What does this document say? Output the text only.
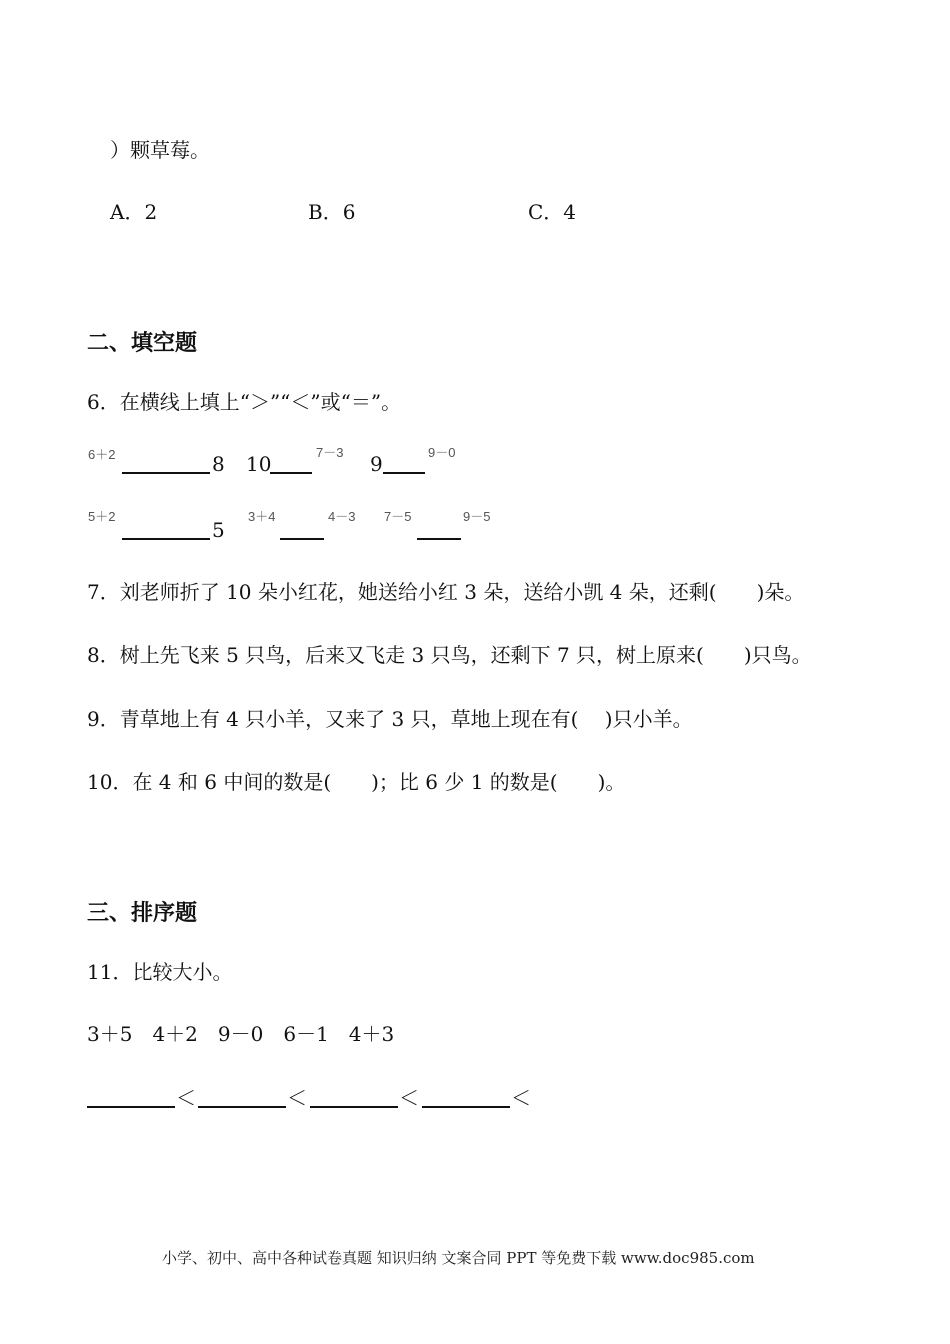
）颗草莓。
A．2	B．6	C．4
二、填空题
6．在横线上填上“＞”“＜”或“＝”。
6＋2	8 10	7－3 9	9－0
5＋2
5
3＋4	4－3 7－5	9－5
7．刘老师折了 10 朵小红花，她送给小红 3 朵，送给小凯 4 朵，还剩(　　)朵。
8．树上先飞来 5 只鸟，后来又飞走 3 只鸟，还剩下 7 只，树上原来(　　)只鸟。
9．青草地上有 4 只小羊，又来了 3 只，草地上现在有(　 )只小羊。
10．在 4 和 6 中间的数是(　　)；比 6 少 1 的数是(　　)。
三、排序题
11．比较大小。
3＋5　4＋2　9－0　6－1　4＋3
＜	＜	＜	＜
小学、初中、高中各种试卷真题 知识归纳 文案合同 PPT 等免费下载 www.doc985.com
